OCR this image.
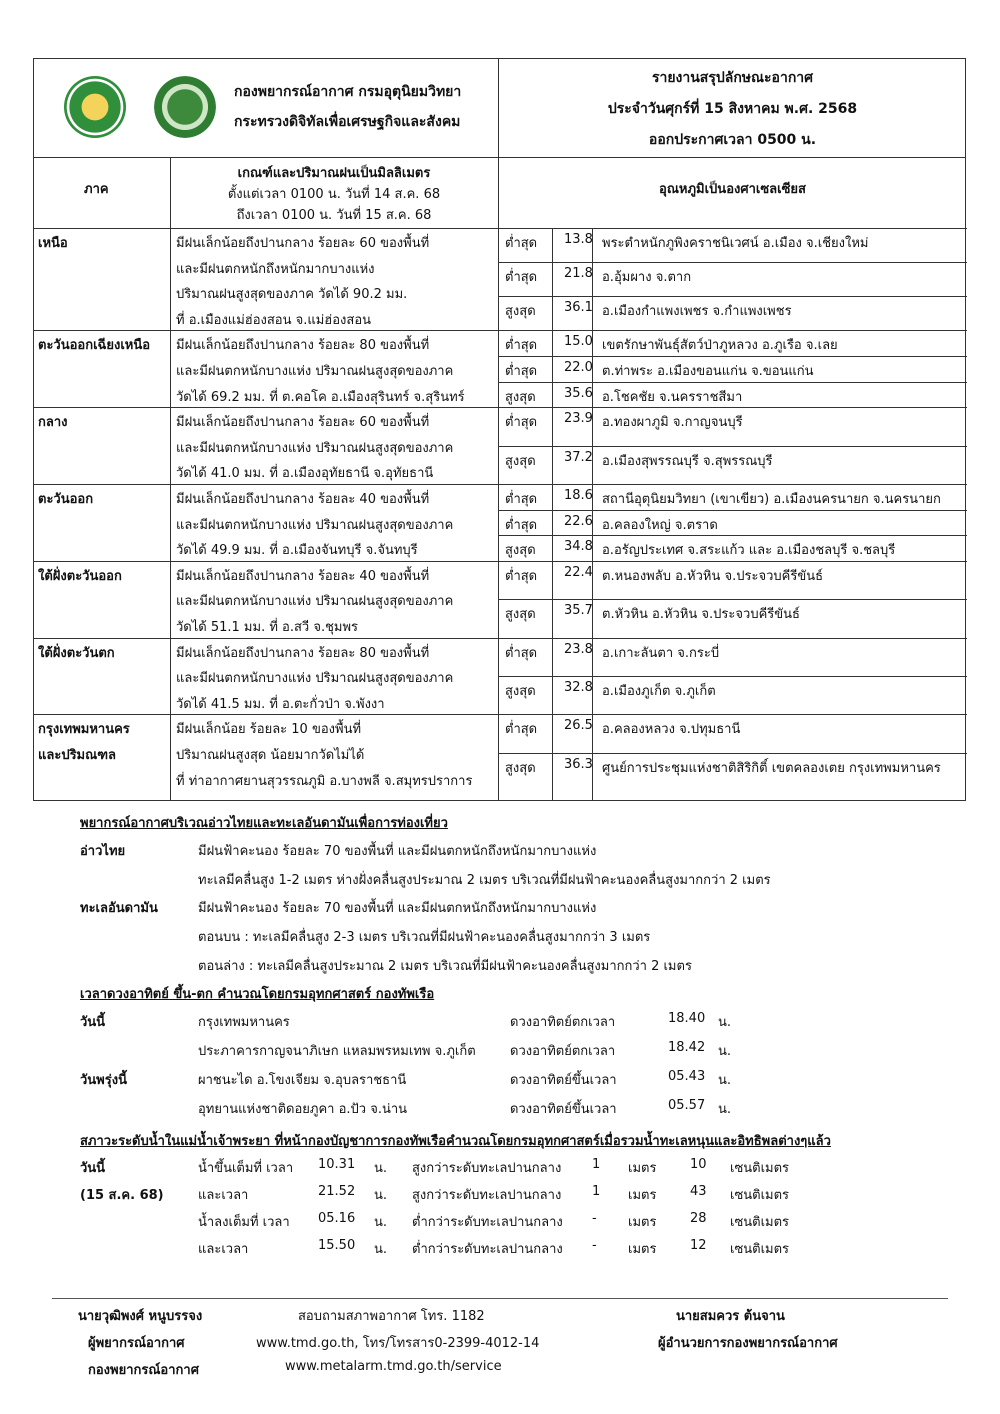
กองพยากรณ์อากาศ กรมอุตุนิยมวิทยา
กระทรวงดิจิทัลเพื่อเศรษฐกิจและสังคม
รายงานสรุปลักษณะอากาศ
ประจำวันศุกร์ที่ 15 สิงหาคม พ.ศ. 2568
ออกประกาศเวลา 0500 น.
ภาค
เกณฑ์และปริมาณฝนเป็นมิลลิเมตร
ตั้งแต่เวลา 0100 น. วันที่ 14 ส.ค. 68
ถึงเวลา 0100 น. วันที่ 15 ส.ค. 68
อุณหภูมิเป็นองศาเซลเซียส
เหนือ	มีฝนเล็กน้อยถึงปานกลาง ร้อยละ 60 ของพื้นที่
และมีฝนตกหนักถึงหนักมากบางแห่ง
ปริมาณฝนสูงสุดของภาค วัดได้ 90.2 มม.
ที่ อ.เมืองแม่ฮ่องสอน จ.แม่ฮ่องสอน
ต่ำสุด 13.8 พระตำหนักภูพิงคราชนิเวศน์ อ.เมือง จ.เชียงใหม่
ต่ำสุด 21.8 อ.อุ้มผาง จ.ตาก
สูงสุด 36.1 อ.เมืองกำแพงเพชร จ.กำแพงเพชร
ตะวันออกเฉียงเหนือ มีฝนเล็กน้อยถึงปานกลาง ร้อยละ 80 ของพื้นที่
และมีฝนตกหนักบางแห่ง ปริมาณฝนสูงสุดของภาค
วัดได้ 69.2 มม. ที่ ต.คอโค อ.เมืองสุรินทร์ จ.สุรินทร์
ต่ำสุด 15.0 เขตรักษาพันธุ์สัตว์ป่าภูหลวง อ.ภูเรือ จ.เลย
ต่ำสุด 22.0 ต.ท่าพระ อ.เมืองขอนแก่น จ.ขอนแก่น
สูงสุด 35.6 อ.โชคชัย จ.นครราชสีมา
กลาง	มีฝนเล็กน้อยถึงปานกลาง ร้อยละ 60 ของพื้นที่
และมีฝนตกหนักบางแห่ง ปริมาณฝนสูงสุดของภาค
วัดได้ 41.0 มม. ที่ อ.เมืองอุทัยธานี จ.อุทัยธานี
ต่ำสุด 23.9 อ.ทองผาภูมิ จ.กาญจนบุรี
สูงสุด 37.2 อ.เมืองสุพรรณบุรี จ.สุพรรณบุรี
ตะวันออก	มีฝนเล็กน้อยถึงปานกลาง ร้อยละ 40 ของพื้นที่
และมีฝนตกหนักบางแห่ง ปริมาณฝนสูงสุดของภาค
วัดได้ 49.9 มม. ที่ อ.เมืองจันทบุรี จ.จันทบุรี
ต่ำสุด 18.6 สถานีอุตุนิยมวิทยา (เขาเขียว) อ.เมืองนครนายก จ.นครนายก
ต่ำสุด 22.6 อ.คลองใหญ่ จ.ตราด
สูงสุด 34.8 อ.อรัญประเทศ จ.สระแก้ว และ อ.เมืองชลบุรี จ.ชลบุรี
ใต้ฝั่งตะวันออก	มีฝนเล็กน้อยถึงปานกลาง ร้อยละ 40 ของพื้นที่
และมีฝนตกหนักบางแห่ง ปริมาณฝนสูงสุดของภาค
วัดได้ 51.1 มม. ที่ อ.สวี จ.ชุมพร
ต่ำสุด 22.4 ต.หนองพลับ อ.หัวหิน จ.ประจวบคีรีขันธ์
สูงสุด 35.7 ต.หัวหิน อ.หัวหิน จ.ประจวบคีรีขันธ์
ใต้ฝั่งตะวันตก	มีฝนเล็กน้อยถึงปานกลาง ร้อยละ 80 ของพื้นที่
และมีฝนตกหนักบางแห่ง ปริมาณฝนสูงสุดของภาค
วัดได้ 41.5 มม. ที่ อ.ตะกั่วป่า จ.พังงา
ต่ำสุด 23.8 อ.เกาะลันตา จ.กระบี่
สูงสุด 32.8 อ.เมืองภูเก็ต จ.ภูเก็ต
กรุงเทพมหานคร
และปริมณฑล
มีฝนเล็กน้อย ร้อยละ 10 ของพื้นที่
ปริมาณฝนสูงสุด น้อยมากวัดไม่ได้
ที่ ท่าอากาศยานสุวรรณภูมิ อ.บางพลี จ.สมุทรปราการ
ต่ำสุด 26.5 อ.คลองหลวง จ.ปทุมธานี
สูงสุด 36.3 ศูนย์การประชุมแห่งชาติสิริกิติ์ เขตคลองเตย กรุงเทพมหานคร
พยากรณ์อากาศบริเวณอ่าวไทยและทะเลอันดามันเพื่อการท่องเที่ยว
อ่าวไทย	มีฝนฟ้าคะนอง ร้อยละ 70 ของพื้นที่ และมีฝนตกหนักถึงหนักมากบางแห่ง
ทะเลมีคลื่นสูง 1-2 เมตร ห่างฝั่งคลื่นสูงประมาณ 2 เมตร บริเวณที่มีฝนฟ้าคะนองคลื่นสูงมากกว่า 2 เมตร
ทะเลอันดามัน	มีฝนฟ้าคะนอง ร้อยละ 70 ของพื้นที่ และมีฝนตกหนักถึงหนักมากบางแห่ง
ตอนบน : ทะเลมีคลื่นสูง 2-3 เมตร บริเวณที่มีฝนฟ้าคะนองคลื่นสูงมากกว่า 3 เมตร
ตอนล่าง : ทะเลมีคลื่นสูงประมาณ 2 เมตร บริเวณที่มีฝนฟ้าคะนองคลื่นสูงมากกว่า 2 เมตร
เวลาดวงอาทิตย์ ขึ้น-ตก คำนวณโดยกรมอุทกศาสตร์ กองทัพเรือ
วันนี้	กรุงเทพมหานคร	ดวงอาทิตย์ตกเวลา	18.40 น.
ประภาคารกาญจนาภิเษก แหลมพรหมเทพ จ.ภูเก็ต	ดวงอาทิตย์ตกเวลา	18.42 น.
วันพรุ่งนี้	ผาชนะได อ.โขงเจียม จ.อุบลราชธานี	ดวงอาทิตย์ขึ้นเวลา	05.43 น.
อุทยานแห่งชาติดอยภูคา อ.ปัว จ.น่าน	ดวงอาทิตย์ขึ้นเวลา	05.57 น.
สภาวะระดับน้ำในแม่น้ำเจ้าพระยา ที่หน้ากองบัญชาการกองทัพเรือคำนวณโดยกรมอุทกศาสตร์เมื่อรวมน้ำทะเลหนุนและอิทธิพลต่างๆแล้ว
วันนี้
(15 ส.ค. 68)
น้ำขึ้นเต็มที่ เวลา 10.31 น. สูงกว่าระดับทะเลปานกลาง 1 เมตร	10 เซนติเมตร
และเวลา	21.52 น. สูงกว่าระดับทะเลปานกลาง 1 เมตร	43 เซนติเมตร
น้ำลงเต็มที่ เวลา 05.16 น. ต่ำกว่าระดับทะเลปานกลาง - เมตร	28 เซนติเมตร
และเวลา	15.50 น. ต่ำกว่าระดับทะเลปานกลาง - เมตร	12 เซนติเมตร
นายวุฒิพงศ์ หนูบรรจง
ผู้พยากรณ์อากาศ
กองพยากรณ์อากาศ
สอบถามสภาพอากาศ โทร. 1182
www.tmd.go.th, โทร/โทรสาร0-2399-4012-14
www.metalarm.tmd.go.th/service
นายสมควร ต้นจาน
ผู้อำนวยการกองพยากรณ์อากาศ
